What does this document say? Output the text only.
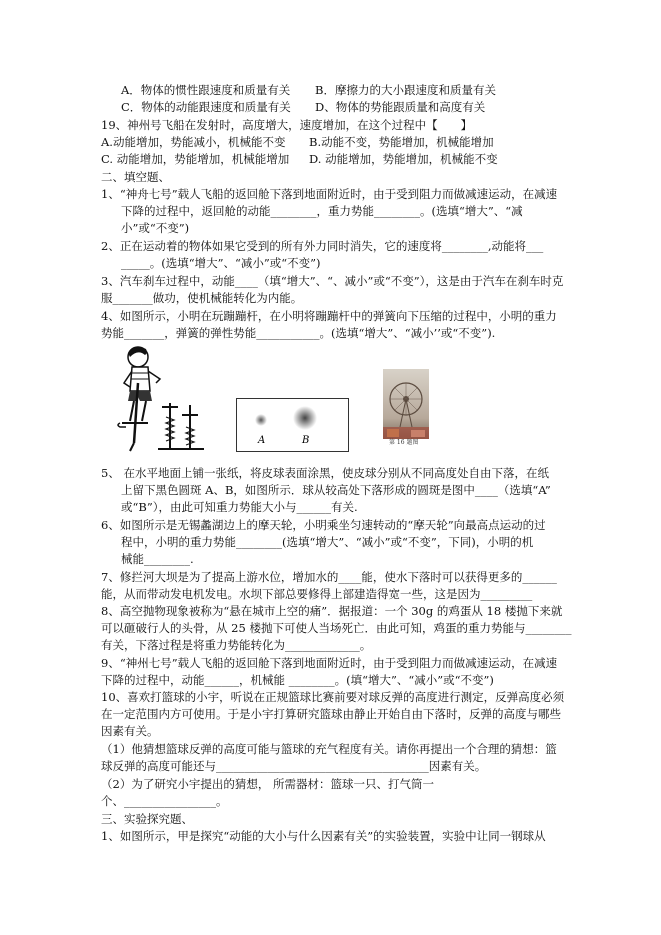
A．物体的惯性跟速度和质量有关 B．摩擦力的大小跟速度和质量有关
C．物体的动能跟速度和质量有关 D、物体的势能跟质量和高度有关
19、神州号飞船在发射时，高度增大，速度增加，在这个过程中【　　】
A.动能增加，势能减小，机械能不变 B.动能不变，势能增加，机械能增加
C. 动能增加，势能增加，机械能增加 D. 动能增加，势能增加，机械能不变
二、填空题、
1、“神舟七号”载人飞船的返回舱下落到地面附近时，由于受到阻力而做减速运动，在减速
下降的过程中，返回舱的动能________，重力势能________。(选填“增大”、“减
小”或“不变”)
2、正在运动着的物体如果它受到的所有外力同时消失，它的速度将________,动能将___
_____。(选填“增大”、“减小”或“不变”)
3、汽车刹车过程中，动能____（填“增大”、“、减小”或“不变”），这是由于汽车在刹车时克
服_______做功，使机械能转化为内能。
4、如图所示，小明在玩蹦蹦杆，在小明将蹦蹦杆中的弹簧向下压缩的过程中，小明的重力
势能_______，弹簧的弹性势能___________。(选填“增大”、“减小’’或“不变”).
A	B	第 16 题图
5、 在水平地面上铺一张纸，将皮球表面涂黑，使皮球分别从不同高度处自由下落，在纸
上留下黑色圆斑 A、B，如图所示．球从较高处下落形成的圆斑是图中____（选填“A”
或“B”），由此可知重力势能大小与______有关.
6、如图所示是无锡蠡湖边上的摩天轮，小明乘坐匀速转动的“摩天轮”向最高点运动的过
程中，小明的重力势能________(选填“增大”、“减小”或“不变”，下同)，小明的机
械能________.
7、修拦河大坝是为了提高上游水位，增加水的____能，使水下落时可以获得更多的______
能，从而带动发电机发电。水坝下部总要修得上部建造得宽一些，这是因为_________
8、高空抛物现象被称为“悬在城市上空的痛”．据报道：一个 30g 的鸡蛋从 18 楼抛下来就
可以砸破行人的头骨，从 25 楼抛下可使人当场死亡．由此可知，鸡蛋的重力势能与________
有关，下落过程是将重力势能转化为_____________。
9、“神州七号”载人飞船的返回舱下落到地面附近时，由于受到阻力而做减速运动，在减速
下降的过程中，动能______，机械能 ________。(填“增大”、“减小”或“不变”)
10、喜欢打篮球的小宇，听说在正规篮球比赛前要对球反弹的高度进行测定，反弹高度必须
在一定范围内方可使用。于是小宇打算研究篮球由静止开始自由下落时，反弹的高度与哪些
因素有关。
（1）他猜想篮球反弹的高度可能与篮球的充气程度有关。请你再提出一个合理的猜想：篮
球反弹的高度可能还与_____________________________________因素有关。
（2）为了研究小宇提出的猜想， 所需器材：篮球一只、打气筒一
个、________________。
三、实验探究题、
1、如图所示，甲是探究“动能的大小与什么因素有关”的实验装置，实验中让同一钢球从
